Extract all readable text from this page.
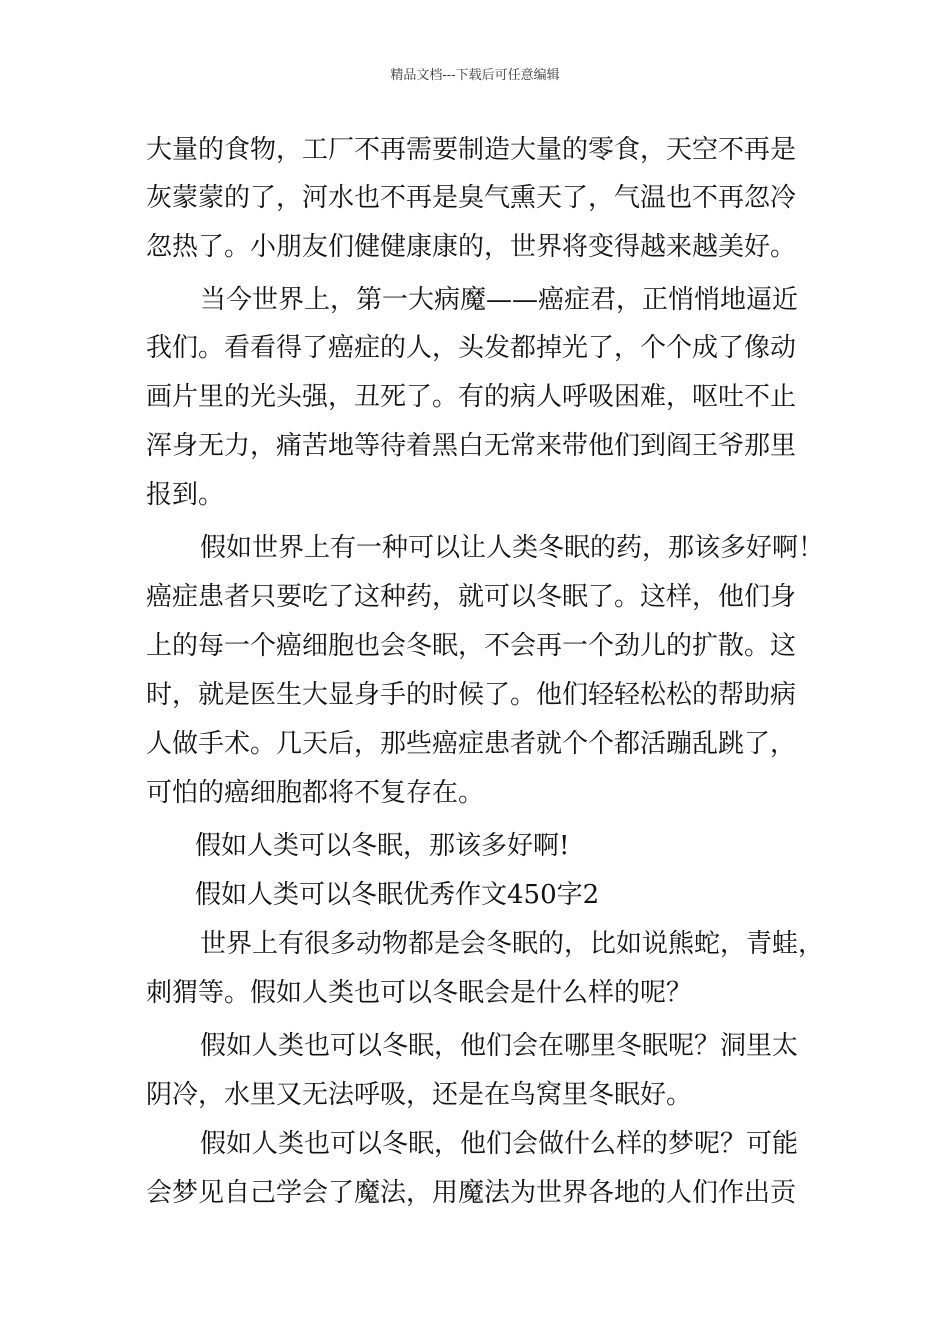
精品文档---下载后可任意编辑
大量的食物，工厂不再需要制造大量的零食，天空不再是
灰蒙蒙的了，河水也不再是臭气熏天了，气温也不再忽冷
忽热了。小朋友们健健康康的，世界将变得越来越美好。
当今世界上，第一大病魔——癌症君，正悄悄地逼近
我们。看看得了癌症的人，头发都掉光了，个个成了像动
画片里的光头强，丑死了。有的病人呼吸困难，呕吐不止
浑身无力，痛苦地等待着黑白无常来带他们到阎王爷那里
报到。
假如世界上有一种可以让人类冬眠的药，那该多好啊！
癌症患者只要吃了这种药，就可以冬眠了。这样，他们身
上的每一个癌细胞也会冬眠，不会再一个劲儿的扩散。这
时，就是医生大显身手的时候了。他们轻轻松松的帮助病
人做手术。几天后，那些癌症患者就个个都活蹦乱跳了，
可怕的癌细胞都将不复存在。
假如人类可以冬眠，那该多好啊!
假如人类可以冬眠优秀作文450字2
世界上有很多动物都是会冬眠的，比如说熊蛇，青蛙，
刺猬等。假如人类也可以冬眠会是什么样的呢？
假如人类也可以冬眠，他们会在哪里冬眠呢？洞里太
阴冷，水里又无法呼吸，还是在鸟窝里冬眠好。
假如人类也可以冬眠，他们会做什么样的梦呢？可能
会梦见自己学会了魔法，用魔法为世界各地的人们作出贡
